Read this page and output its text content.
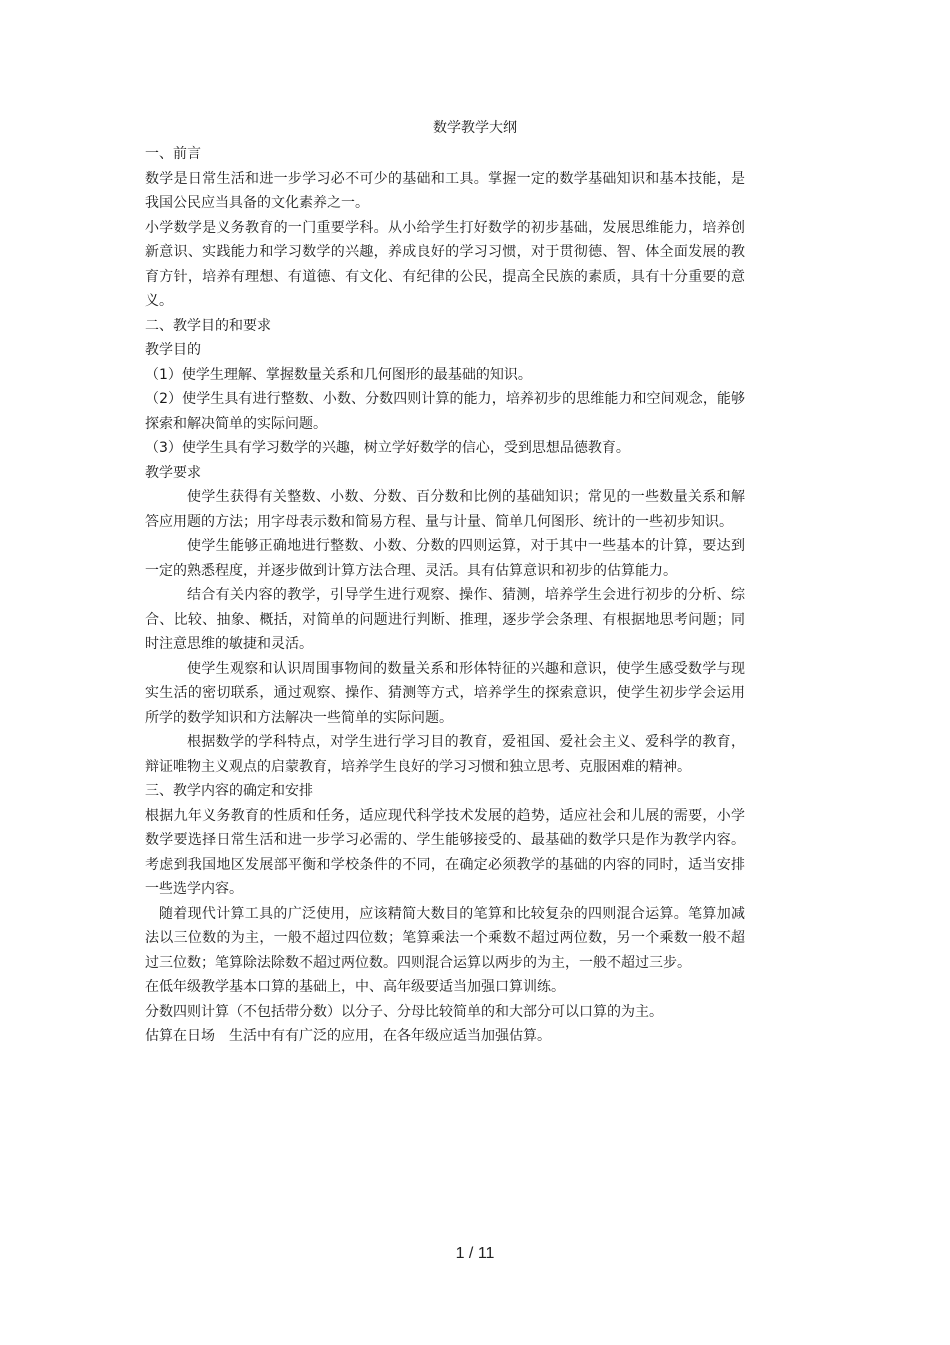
数学教学大纲

一、前言

数学是日常生活和进一步学习必不可少的基础和工具。掌握一定的数学基础知识和基本技能，是我国公民应当具备的文化素养之一。

小学数学是义务教育的一门重要学科。从小给学生打好数学的初步基础，发展思维能力，培养创新意识、实践能力和学习数学的兴趣，养成良好的学习习惯，对于贯彻德、智、体全面发展的教育方针，培养有理想、有道德、有文化、有纪律的公民，提高全民族的素质，具有十分重要的意义。

二、教学目的和要求

教学目的

（1）使学生理解、掌握数量关系和几何图形的最基础的知识。

（2）使学生具有进行整数、小数、分数四则计算的能力，培养初步的思维能力和空间观念，能够探索和解决简单的实际问题。

（3）使学生具有学习数学的兴趣，树立学好数学的信心，受到思想品德教育。

教学要求

使学生获得有关整数、小数、分数、百分数和比例的基础知识；常见的一些数量关系和解答应用题的方法；用字母表示数和简易方程、量与计量、简单几何图形、统计的一些初步知识。

使学生能够正确地进行整数、小数、分数的四则运算，对于其中一些基本的计算，要达到一定的熟悉程度，并逐步做到计算方法合理、灵活。具有估算意识和初步的估算能力。

结合有关内容的教学，引导学生进行观察、操作、猜测，培养学生会进行初步的分析、综合、比较、抽象、概括，对简单的问题进行判断、推理，逐步学会条理、有根据地思考问题；同时注意思维的敏捷和灵活。

使学生观察和认识周围事物间的数量关系和形体特征的兴趣和意识，使学生感受数学与现实生活的密切联系，通过观察、操作、猜测等方式，培养学生的探索意识，使学生初步学会运用所学的数学知识和方法解决一些简单的实际问题。

根据数学的学科特点，对学生进行学习目的教育，爱祖国、爱社会主义、爱科学的教育，辩证唯物主义观点的启蒙教育，培养学生良好的学习习惯和独立思考、克服困难的精神。

三、教学内容的确定和安排

根据九年义务教育的性质和任务，适应现代科学技术发展的趋势，适应社会和儿展的需要，小学数学要选择日常生活和进一步学习必需的、学生能够接受的、最基础的数学只是作为教学内容。考虑到我国地区发展部平衡和学校条件的不同，在确定必须教学的基础的内容的同时，适当安排一些选学内容。

随着现代计算工具的广泛使用，应该精简大数目的笔算和比较复杂的四则混合运算。笔算加减法以三位数的为主，一般不超过四位数；笔算乘法一个乘数不超过两位数，另一个乘数一般不超过三位数；笔算除法除数不超过两位数。四则混合运算以两步的为主，一般不超过三步。

在低年级教学基本口算的基础上，中、高年级要适当加强口算训练。

分数四则计算（不包括带分数）以分子、分母比较简单的和大部分可以口算的为主。

估算在日场　生活中有有广泛的应用，在各年级应适当加强估算。

1 / 11
